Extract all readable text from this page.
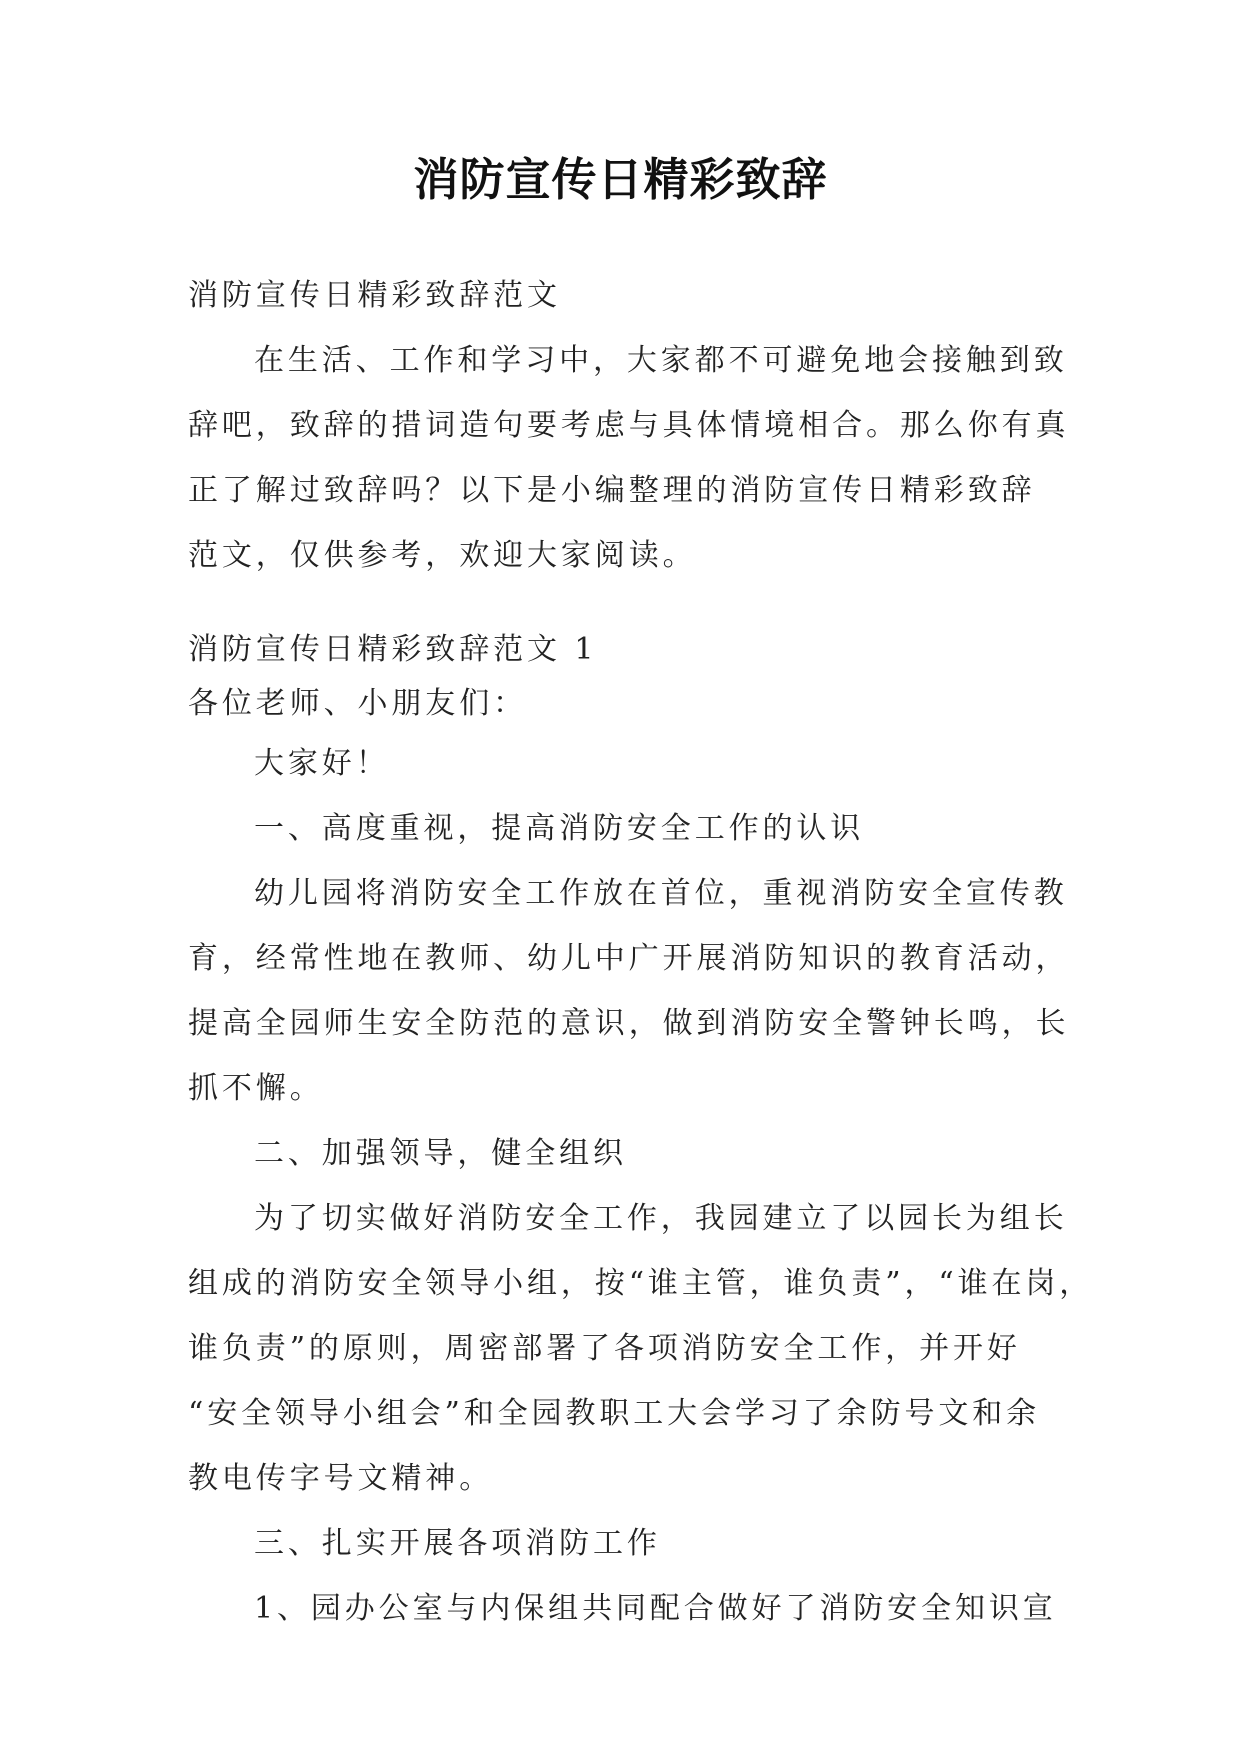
消防宣传日精彩致辞
消防宣传日精彩致辞范文
在生活、工作和学习中，大家都不可避免地会接触到致
辞吧，致辞的措词造句要考虑与具体情境相合。那么你有真
正了解过致辞吗？以下是小编整理的消防宣传日精彩致辞
范文，仅供参考，欢迎大家阅读。
消防宣传日精彩致辞范文 1
各位老师、小朋友们：
大家好！
一、高度重视，提高消防安全工作的认识
幼儿园将消防安全工作放在首位，重视消防安全宣传教
育，经常性地在教师、幼儿中广开展消防知识的教育活动，
提高全园师生安全防范的意识，做到消防安全警钟长鸣，长
抓不懈。
二、加强领导，健全组织
为了切实做好消防安全工作，我园建立了以园长为组长
组成的消防安全领导小组，按“谁主管，谁负责”，“谁在岗，
谁负责”的原则，周密部署了各项消防安全工作，并开好
“安全领导小组会”和全园教职工大会学习了余防号文和余
教电传字号文精神。
三、扎实开展各项消防工作
1、园办公室与内保组共同配合做好了消防安全知识宣
